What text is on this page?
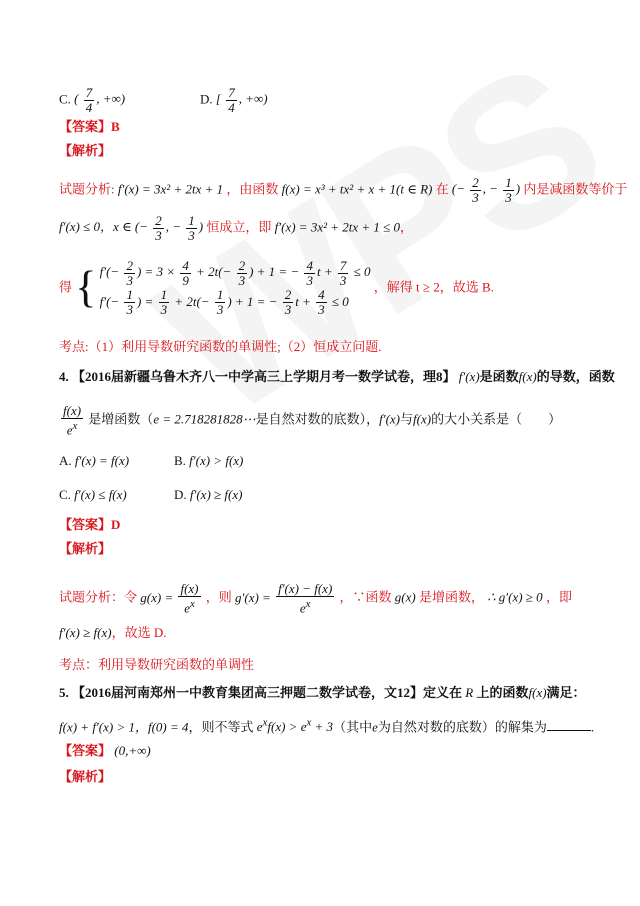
C. ( $\frac{7}{4}$ , +∞)	D. [ $\frac{7}{4}$ , +∞)
【答案】B
【解析】
试题分析: f′(x) = 3x² + 2tx + 1 ，由函数 f(x) = x³ + tx² + x + 1(t ∈ R) 在 (− $\frac{2}{3}$ , − $\frac{1}{3}$ ) 内是减函数等价于
f′(x) ≤ 0，x ∈ (− $\frac{2}{3}$ , − $\frac{1}{3}$ ) 恒成立，即 f′(x) = 3x² + 2tx + 1 ≤ 0，
得 { $f'(- \frac{2}{3}$ ) = $3 \times \frac{4}{9} + 2t(- \frac{2}{3}$ ) + 1 = − $\frac{4}{3}$ $t + \frac{7}{3} \le 0$
$f'(- \frac{1}{3}$ ) = $\frac{1}{3} + 2t(- \frac{1}{3}$ ) + 1 = − $\frac{2}{3}$ $t + \frac{4}{3} \le 0$
，解得 t ≥ 2，故选 B.
考点:（1）利用导数研究函数的单调性;（2）恒成立问题.
4. 【2016届新疆乌鲁木齐八一中学高三上学期月考一数学试卷，理8】 f′(x)是函数f(x)的导数，函数
$\frac{f(x)}{e^x}$ 是增函数（e = 2.718281828⋯是自然对数的底数），f′(x)与f(x)的大小关系是（　　）
A. f′(x) = f(x)	B. f′(x) > f(x)
C. f′(x) ≤ f(x)	D. f′(x) ≥ f(x)
【答案】D
【解析】
试题分析：令 $g(x) = \frac{f(x)}{e^x}$ ，则 $g'(x) = \frac{f'(x) - f(x)}{e^x}$ ，∵函数 g(x) 是增函数， ∴ g′(x) ≥ 0 ，即
f′(x) ≥ f(x)，故选 D.
考点：利用导数研究函数的单调性
5. 【2016届河南郑州一中教育集团高三押题二数学试卷，文12】定义在 R 上的函数f(x)满足：
f(x) + f′(x) > 1，f(0) = 4，则不等式 $e^xf(x) > e^x + 3$（其中e为自然对数的底数）的解集为	.
【答案】 (0,+∞)
【解析】
